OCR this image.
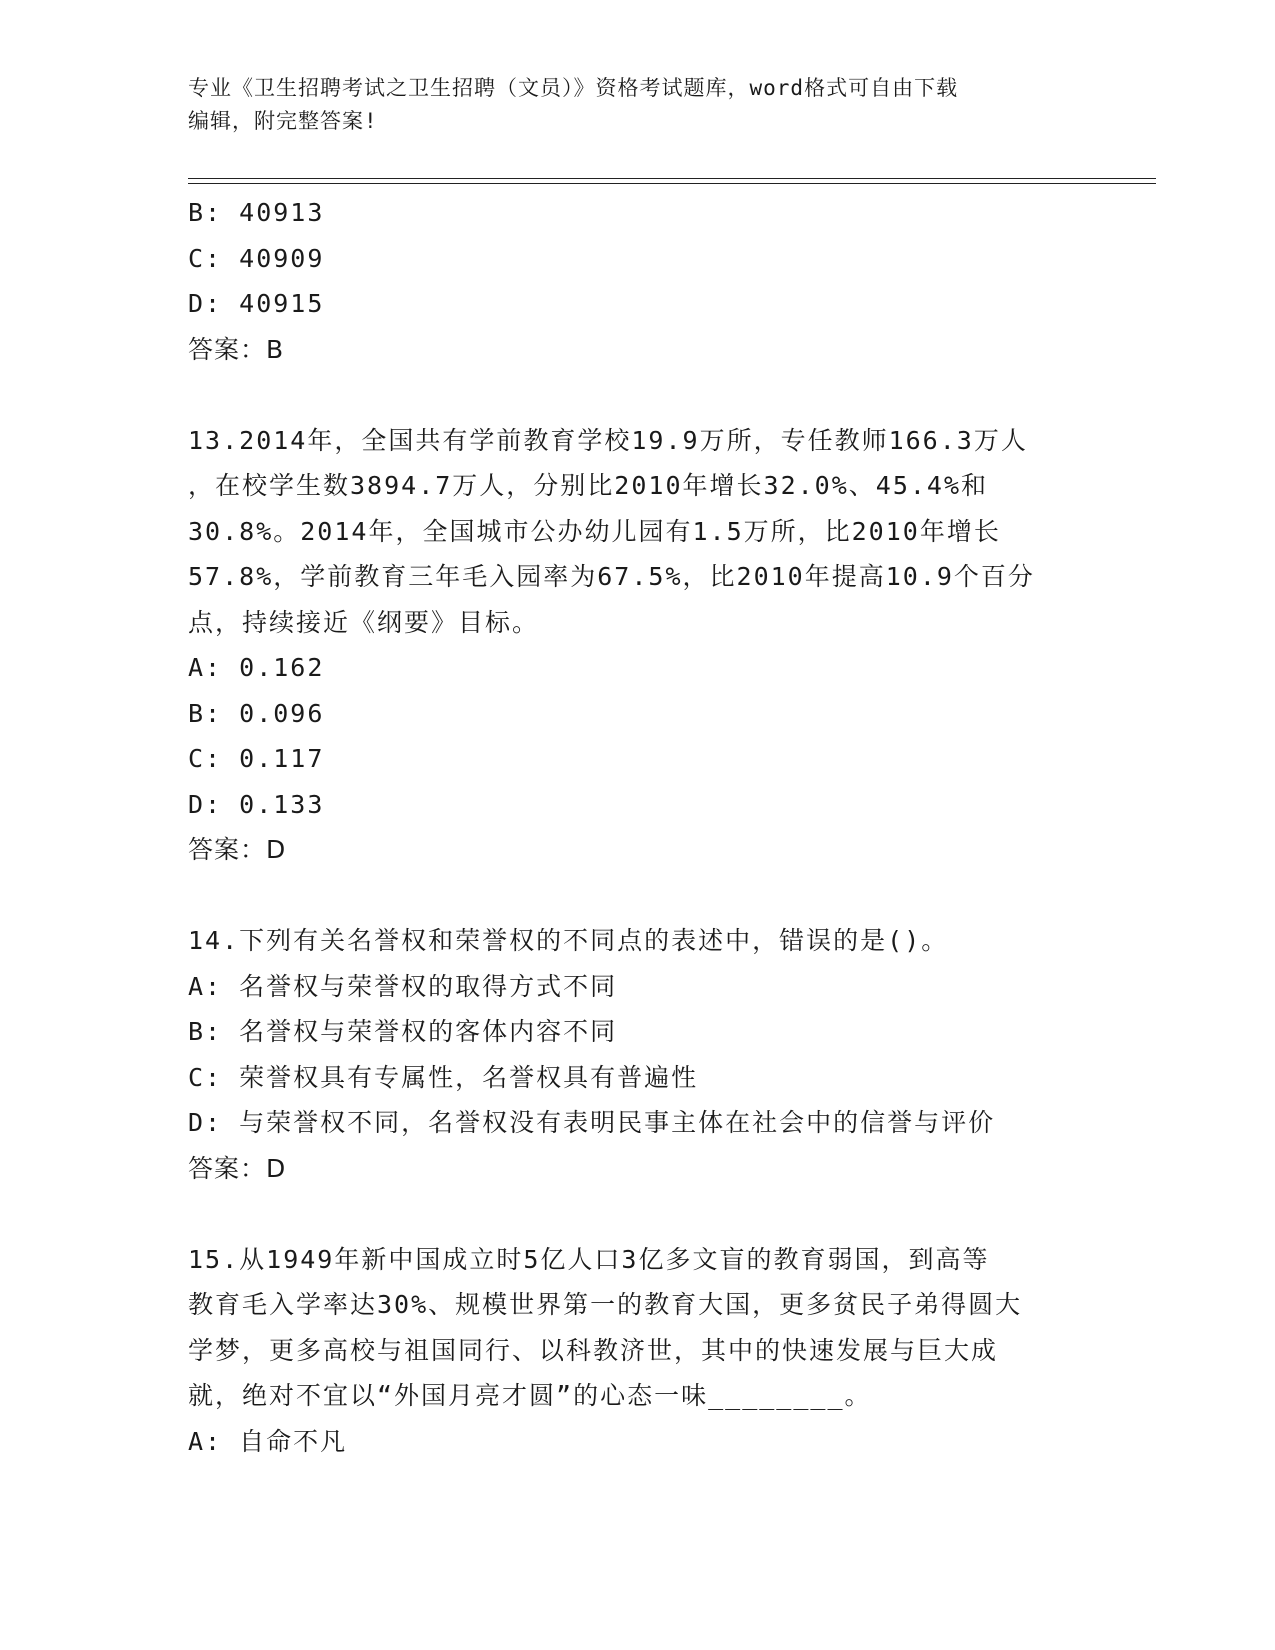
专业《卫生招聘考试之卫生招聘（文员）》资格考试题库，word格式可自由下载
编辑，附完整答案!
B: 40913
C: 40909
D: 40915
答案：B
13.2014年，全国共有学前教育学校19.9万所，专任教师166.3万人
，在校学生数3894.7万人，分别比2010年增长32.0%、45.4%和
30.8%。2014年，全国城市公办幼儿园有1.5万所，比2010年增长
57.8%，学前教育三年毛入园率为67.5%，比2010年提高10.9个百分
点，持续接近《纲要》目标。
A: 0.162
B: 0.096
C: 0.117
D: 0.133
答案：D
14.下列有关名誉权和荣誉权的不同点的表述中，错误的是()。
A: 名誉权与荣誉权的取得方式不同
B: 名誉权与荣誉权的客体内容不同
C: 荣誉权具有专属性，名誉权具有普遍性
D: 与荣誉权不同，名誉权没有表明民事主体在社会中的信誉与评价
答案：D
15.从1949年新中国成立时5亿人口3亿多文盲的教育弱国，到高等
教育毛入学率达30%、规模世界第一的教育大国，更多贫民子弟得圆大
学梦，更多高校与祖国同行、以科教济世，其中的快速发展与巨大成
就，绝对不宜以“外国月亮才圆”的心态一味________。
A: 自命不凡
